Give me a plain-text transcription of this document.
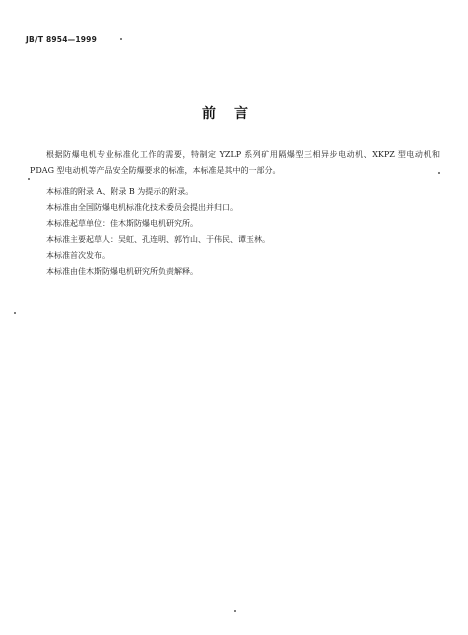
JB/T 8954—1999
前言

根据防爆电机专业标准化工作的需要，特制定 YZLP 系列矿用隔爆型三相异步电动机、XKPZ 型电动机和 PDAG 型电动机等产品安全防爆要求的标准，本标准是其中的一部分。

本标准的附录 A、附录 B 为提示的附录。

本标准由全国防爆电机标准化技术委员会提出并归口。

本标准起草单位：佳木斯防爆电机研究所。

本标准主要起草人：吴虹、孔连明、郭竹山、于伟民、谭玉林。

本标准首次发布。

本标准由佳木斯防爆电机研究所负责解释。
